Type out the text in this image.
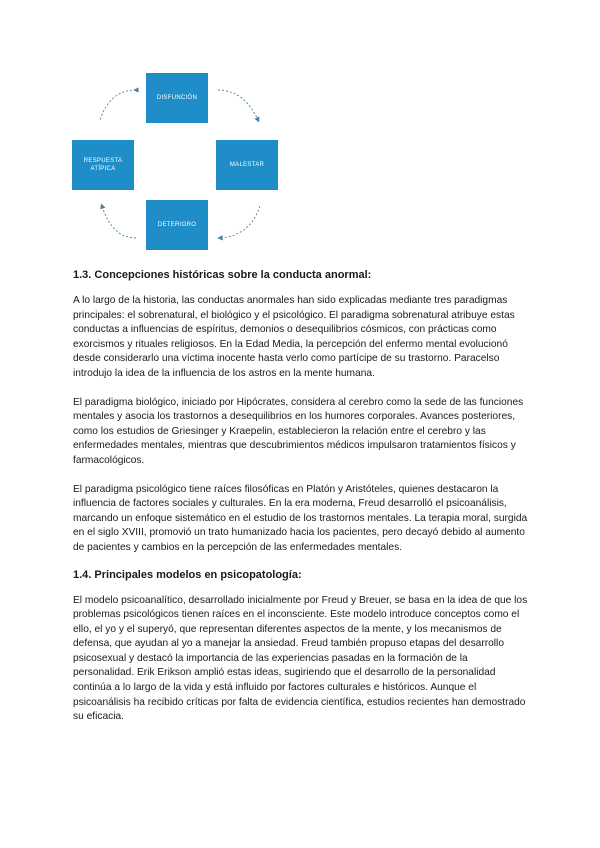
DISFUNCIÓN
MALESTAR
DETERIORO
RESPUESTA ATÍPICA
1.3. Concepciones históricas sobre la conducta anormal:

A lo largo de la historia, las conductas anormales han sido explicadas mediante tres paradigmas principales: el sobrenatural, el biológico y el psicológico. El paradigma sobrenatural atribuye estas conductas a influencias de espíritus, demonios o desequilibrios cósmicos, con prácticas como exorcismos y rituales religiosos. En la Edad Media, la percepción del enfermo mental evolucionó desde considerarlo una víctima inocente hasta verlo como partícipe de su trastorno. Paracelso introdujo la idea de la influencia de los astros en la mente humana.

El paradigma biológico, iniciado por Hipócrates, considera al cerebro como la sede de las funciones mentales y asocia los trastornos a desequilibrios en los humores corporales. Avances posteriores, como los estudios de Griesinger y Kraepelin, establecieron la relación entre el cerebro y las enfermedades mentales, mientras que descubrimientos médicos impulsaron tratamientos físicos y farmacológicos.

El paradigma psicológico tiene raíces filosóficas en Platón y Aristóteles, quienes destacaron la influencia de factores sociales y culturales. En la era moderna, Freud desarrolló el psicoanálisis, marcando un enfoque sistemático en el estudio de los trastornos mentales. La terapia moral, surgida en el siglo XVIII, promovió un trato humanizado hacia los pacientes, pero decayó debido al aumento de pacientes y cambios en la percepción de las enfermedades mentales.

1.4. Principales modelos en psicopatología:

El modelo psicoanalítico, desarrollado inicialmente por Freud y Breuer, se basa en la idea de que los problemas psicológicos tienen raíces en el inconsciente. Este modelo introduce conceptos como el ello, el yo y el superyó, que representan diferentes aspectos de la mente, y los mecanismos de defensa, que ayudan al yo a manejar la ansiedad. Freud también propuso etapas del desarrollo psicosexual y destacó la importancia de las experiencias pasadas en la formación de la personalidad. Erik Erikson amplió estas ideas, sugiriendo que el desarrollo de la personalidad continúa a lo largo de la vida y está influido por factores culturales e históricos. Aunque el psicoanálisis ha recibido críticas por falta de evidencia científica, estudios recientes han demostrado su eficacia.
